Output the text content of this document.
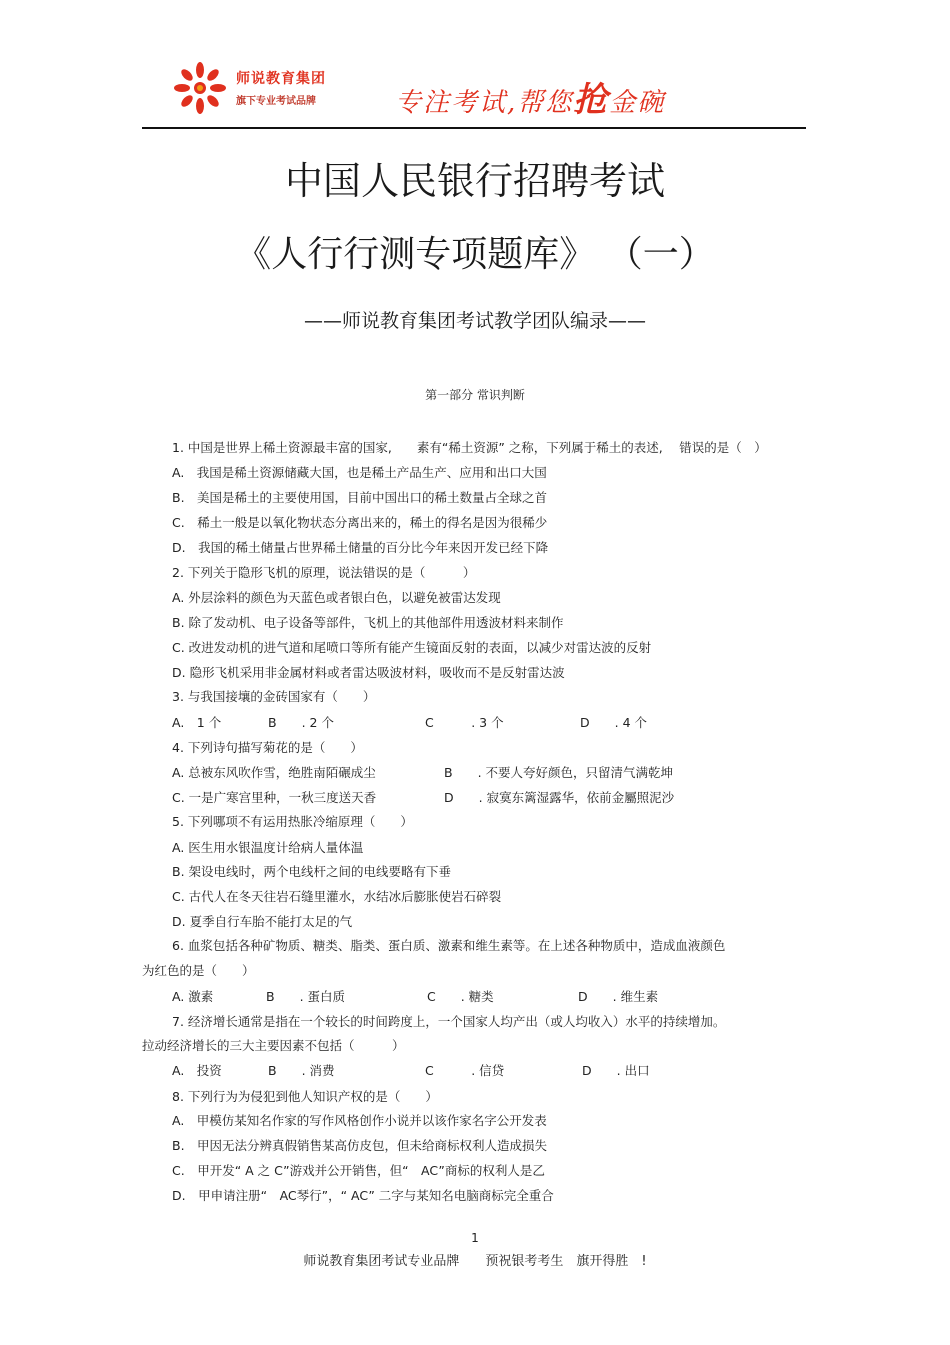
师说教育集团
旗下专业考试品牌	专注考试,帮您抢金碗
中国人民银行招聘考试
《人行行测专项题库》 （一）
——师说教育集团考试教学团队编录——
第一部分 常识判断
1. 中国是世界上稀土资源最丰富的国家,　　素有“稀土资源” 之称，下列属于稀土的表述,　 错误的是（　）
A.　我国是稀土资源储藏大国，也是稀土产品生产、应用和出口大国
B.　美国是稀土的主要使用国，目前中国出口的稀土数量占全球之首
C.　稀土一般是以氧化物状态分离出来的，稀土的得名是因为很稀少
D.　我国的稀土储量占世界稀土储量的百分比今年来因开发已经下降
2. 下列关于隐形飞机的原理，说法错误的是（　　　）
A. 外层涂料的颜色为天蓝色或者银白色，以避免被雷达发现
B. 除了发动机、电子设备等部件，飞机上的其他部件用透波材料来制作
C. 改进发动机的进气道和尾喷口等所有能产生镜面反射的表面，以减少对雷达波的反射
D. 隐形飞机采用非金属材料或者雷达吸波材料，吸收而不是反射雷达波
3. 与我国接壤的金砖国家有（　　）
A.　1 个	B　　. 2 个	C　　　. 3 个	D　　. 4 个
4. 下列诗句描写菊花的是（　　）
A. 总被东风吹作雪，绝胜南陌碾成尘	B　　. 不要人夸好颜色，只留清气满乾坤
C. 一是广寒宫里种，一秋三度送天香	D　　. 寂寞东篱湿露华，依前金屬照泥沙
5. 下列哪项不有运用热胀冷缩原理（　　）
A. 医生用水银温度计给病人量体温
B. 架设电线时，两个电线杆之间的电线要略有下垂
C. 古代人在冬天往岩石缝里灌水，水结冰后膨胀使岩石碎裂
D. 夏季自行车胎不能打太足的气
6. 血浆包括各种矿物质、糖类、脂类、蛋白质、激素和维生素等。在上述各种物质中，造成血液颜色
为红色的是（　　）
A. 激素	B　　. 蛋白质	C　　. 糖类	D　　. 维生素
7. 经济增长通常是指在一个较长的时间跨度上，一个国家人均产出（或人均收入）水平的持续增加。
拉动经济增长的三大主要因素不包括（　　　）
A.　投资	B　　. 消费	C　　　. 信贷	D　　. 出口
8. 下列行为为侵犯到他人知识产权的是（　　）
A.　甲模仿某知名作家的写作风格创作小说并以该作家名字公开发表
B.　甲因无法分辨真假销售某高仿皮包，但未给商标权利人造成损失
C.　甲开发“ A 之 C”游戏并公开销售，但“　AC”商标的权利人是乙
D.　甲申请注册“　AC琴行”，“ AC” 二字与某知名电脑商标完全重合
1
师说教育集团考试专业品牌　　预祝银考考生　旗开得胜　!
